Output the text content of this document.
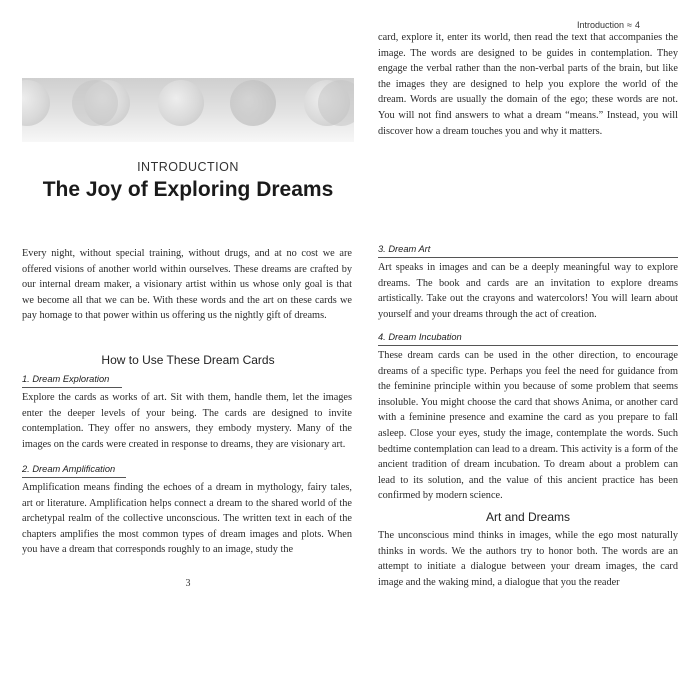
INTRODUCTION
The Joy of Exploring Dreams

Every night, without special training, without drugs, and at no cost we are offered visions of another world within ourselves. These dreams are crafted by our internal dream maker, a visionary artist within us whose only goal is that we become all that we can be. With these words and the art on these cards we pay homage to that power within us offering us the nightly gift of dreams.

How to Use These Dream Cards
1. Dream Exploration

Explore the cards as works of art. Sit with them, handle them, let the images enter the deeper levels of your being. The cards are designed to invite contemplation. They offer no answers, they embody mystery. Many of the images on the cards were created in response to dreams, they are visionary art.

2. Dream Amplification

Amplification means finding the echoes of a dream in mythology, fairy tales, art or literature. Amplification helps connect a dream to the shared world of the archetypal realm of the collective unconscious. The written text in each of the chapters amplifies the most common types of dream images and plots. When you have a dream that corresponds roughly to an image, study the

3
Introduction ≈ 4

card, explore it, enter its world, then read the text that accompanies the image. The words are designed to be guides in contemplation. They engage the verbal rather than the non-verbal parts of the brain, but like the images they are designed to help you explore the world of the dream. Words are usually the domain of the ego; these words are not. You will not find answers to what a dream “means.” Instead, you will discover how a dream touches you and why it matters.

3. Dream Art

Art speaks in images and can be a deeply meaningful way to explore dreams. The book and cards are an invitation to explore dreams artistically. Take out the crayons and watercolors! You will learn about yourself and your dreams through the act of creation.

4. Dream Incubation

These dream cards can be used in the other direction, to encourage dreams of a specific type. Perhaps you feel the need for guidance from the feminine principle within you because of some problem that seems insoluble. You might choose the card that shows Anima, or another card with a feminine presence and examine the card as you prepare to fall asleep. Close your eyes, study the image, contemplate the words. Such bedtime contemplation can lead to a dream. This activity is a form of the ancient tradition of dream incubation. To dream about a problem can lead to its solution, and the value of this ancient practice has been confirmed by modern science.

Art and Dreams

The unconscious mind thinks in images, while the ego most naturally thinks in words. We the authors try to honor both. The words are an attempt to initiate a dialogue between your dream images, the card image and the waking mind, a dialogue that you the reader
